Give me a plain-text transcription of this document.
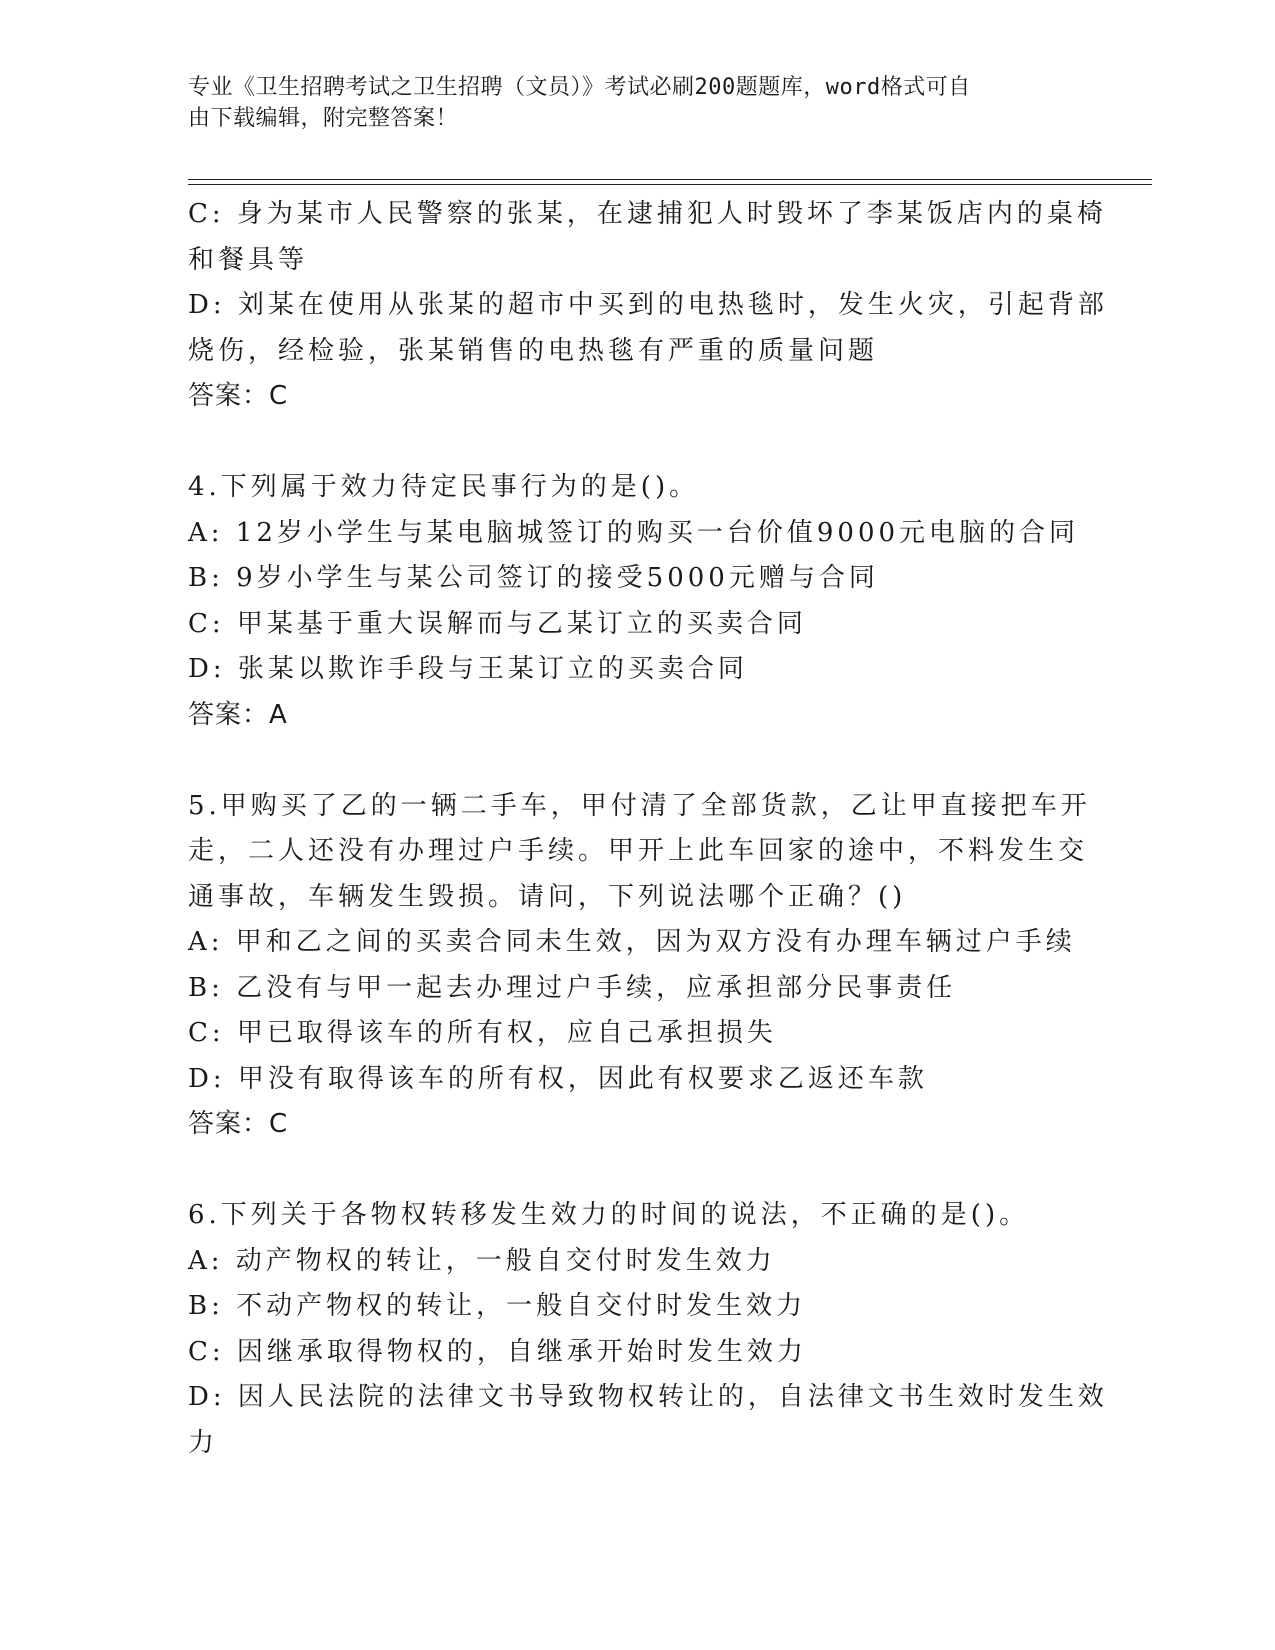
专业《卫生招聘考试之卫生招聘（文员）》考试必刷200题题库，word格式可自
由下载编辑，附完整答案！
C: 身为某市人民警察的张某，在逮捕犯人时毁坏了李某饭店内的桌椅
和餐具等
D: 刘某在使用从张某的超市中买到的电热毯时，发生火灾，引起背部
烧伤，经检验，张某销售的电热毯有严重的质量问题
答案：C
4.下列属于效力待定民事行为的是()。
A: 12岁小学生与某电脑城签订的购买一台价值9000元电脑的合同
B: 9岁小学生与某公司签订的接受5000元赠与合同
C: 甲某基于重大误解而与乙某订立的买卖合同
D: 张某以欺诈手段与王某订立的买卖合同
答案：A
5.甲购买了乙的一辆二手车，甲付清了全部货款，乙让甲直接把车开
走，二人还没有办理过户手续。甲开上此车回家的途中，不料发生交
通事故，车辆发生毁损。请问，下列说法哪个正确？()
A: 甲和乙之间的买卖合同未生效，因为双方没有办理车辆过户手续
B: 乙没有与甲一起去办理过户手续，应承担部分民事责任
C: 甲已取得该车的所有权，应自己承担损失
D: 甲没有取得该车的所有权，因此有权要求乙返还车款
答案：C
6.下列关于各物权转移发生效力的时间的说法，不正确的是()。
A: 动产物权的转让，一般自交付时发生效力
B: 不动产物权的转让，一般自交付时发生效力
C: 因继承取得物权的，自继承开始时发生效力
D: 因人民法院的法律文书导致物权转让的，自法律文书生效时发生效
力
